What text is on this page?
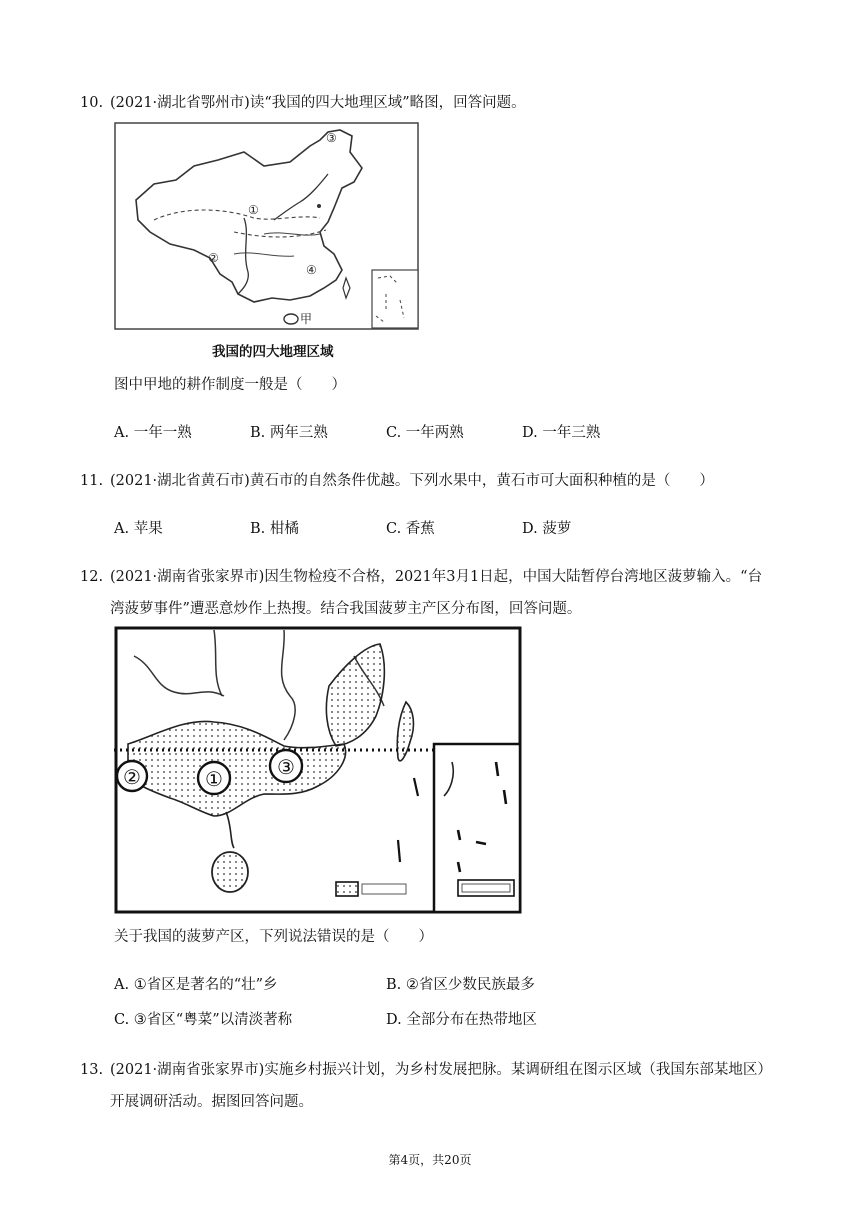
10. (2021·湖北省鄂州市)读“我国的四大地理区域”略图，回答问题。
③
①
②
④
甲
我国的四大地理区域
图中甲地的耕作制度一般是（　　）
A. 一年一熟	B. 两年三熟	C. 一年两熟	D. 一年三熟
11. (2021·湖北省黄石市)黄石市的自然条件优越。下列水果中，黄石市可大面积种植的是（　　）
A. 苹果	B. 柑橘	C. 香蕉	D. 菠萝
12. (2021·湖南省张家界市)因生物检疫不合格，2021年3月1日起，中国大陆暂停台湾地区菠萝输入。“台
湾菠萝事件”遭恶意炒作上热搜。结合我国菠萝主产区分布图，回答问题。
②	①	③
关于我国的菠萝产区，下列说法错误的是（　　）
A. ①省区是著名的“壮”乡	B. ②省区少数民族最多
C. ③省区“粤菜”以清淡著称	D. 全部分布在热带地区
13. (2021·湖南省张家界市)实施乡村振兴计划，为乡村发展把脉。某调研组在图示区域（我国东部某地区）
开展调研活动。据图回答问题。
第4页，共20页
